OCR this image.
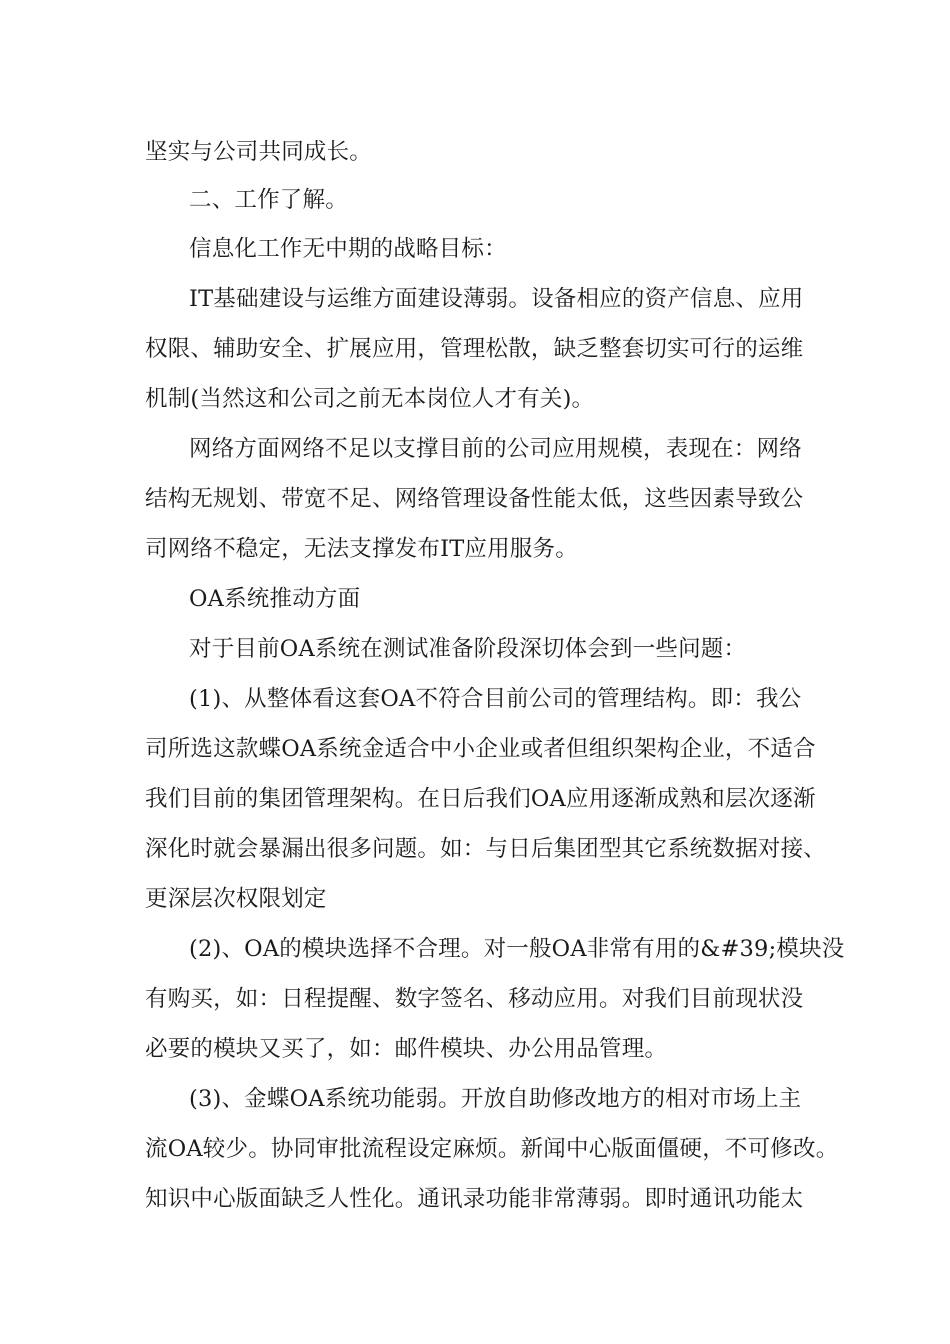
坚实与公司共同成长。
二、工作了解。
信息化工作无中期的战略目标：
IT基础建设与运维方面建设薄弱。设备相应的资产信息、应用
权限、辅助安全、扩展应用，管理松散，缺乏整套切实可行的运维
机制(当然这和公司之前无本岗位人才有关)。
网络方面网络不足以支撑目前的公司应用规模，表现在：网络
结构无规划、带宽不足、网络管理设备性能太低，这些因素导致公
司网络不稳定，无法支撑发布IT应用服务。
OA系统推动方面
对于目前OA系统在测试准备阶段深切体会到一些问题：
(1)、从整体看这套OA不符合目前公司的管理结构。即：我公
司所选这款蝶OA系统金适合中小企业或者但组织架构企业，不适合
我们目前的集团管理架构。在日后我们OA应用逐渐成熟和层次逐渐
深化时就会暴漏出很多问题。如：与日后集团型其它系统数据对接、
更深层次权限划定
(2)、OA的模块选择不合理。对一般OA非常有用的&#39;模块没
有购买，如：日程提醒、数字签名、移动应用。对我们目前现状没
必要的模块又买了，如：邮件模块、办公用品管理。
(3)、金蝶OA系统功能弱。开放自助修改地方的相对市场上主
流OA较少。协同审批流程设定麻烦。新闻中心版面僵硬，不可修改。
知识中心版面缺乏人性化。通讯录功能非常薄弱。即时通讯功能太
